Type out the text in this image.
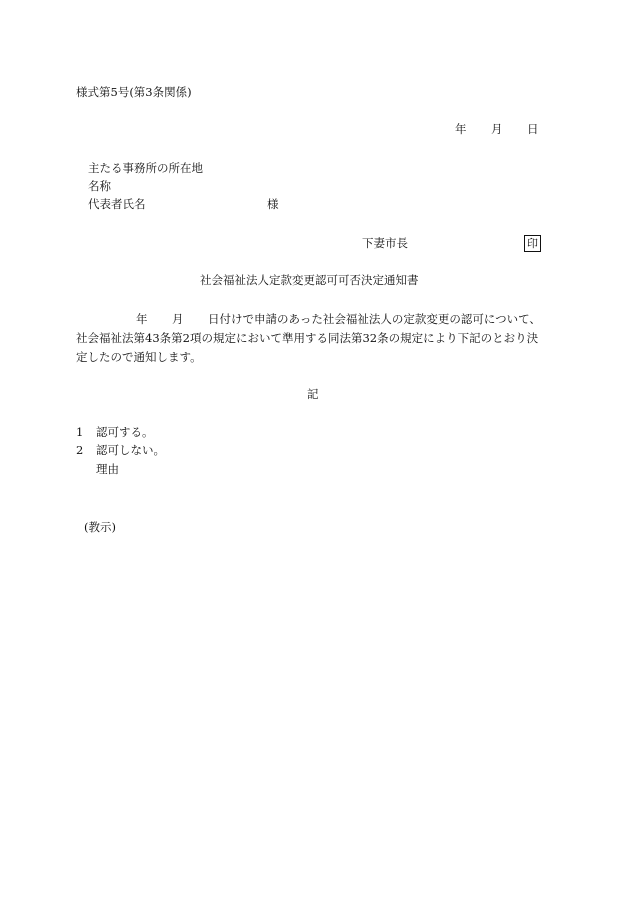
様式第5号(第3条関係)
年 月 日
主たる事務所の所在地
名称
代表者氏名	様
下妻市長	印
社会福祉法人定款変更認可可否決定通知書
年 月 日付けで申請のあった社会福祉法人の定款変更の認可について、
社会福祉法第43条第2項の規定において準用する同法第32条の規定により下記のとおり決
定したので通知します。
記
1 認可する。
2 認可しない。
理由
(教示)
